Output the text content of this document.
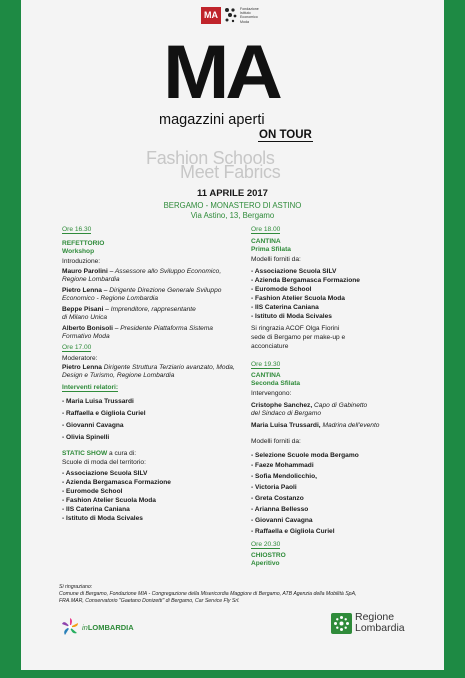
MA
Fondazione
Istituto
Economico
Moda
MA
magazzini aperti
ON TOUR
Fashion Schools
Meet Fabrics
11 APRILE 2017
BERGAMO - MONASTERO DI ASTINO
Via Astino, 13, Bergamo
Ore 16.30
REFETTORIO
Workshop
Introduzione:
Mauro Parolini – Assessore allo Sviluppo Economico,
Regione Lombardia
Pietro Lenna – Dirigente Direzione Generale Sviluppo
Economico - Regione Lombardia
Beppe Pisani – Imprenditore, rappresentante
di Milano Unica
Alberto Bonisoli – Presidente Piattaforma Sistema
Formativo Moda
Ore 17.00
Moderatore:
Pietro Lenna Dirigente Struttura Terziario avanzato, Moda,
Design e Turismo, Regione Lombardia
Interventi relatori:
- Maria Luisa Trussardi
- Raffaella e Gigliola Curiel
- Giovanni Cavagna
- Olivia Spinelli
STATIC SHOW a cura di:
Scuole di moda del territorio:
- Associazione Scuola SILV
- Azienda Bergamasca Formazione
- Euromode School
- Fashion Atelier Scuola Moda
- IIS Caterina Caniana
- Istituto di Moda Scivales
Ore 18.00
CANTINA
Prima Sfilata
Modelli forniti da:
- Associazione Scuola SILV
- Azienda Bergamasca Formazione
- Euromode School
- Fashion Atelier Scuola Moda
- IIS Caterina Caniana
- Istituto di Moda Scivales
Si ringrazia ACOF Olga Fiorini
sede di Bergamo per make-up e
acconciature
Ore 19.30
CANTINA
Seconda Sfilata
Intervengono:
Cristophe Sanchez, Capo di Gabinetto
del Sindaco di Bergamo
Maria Luisa Trussardi, Madrina dell'evento
Modelli forniti da:
- Selezione Scuole moda Bergamo
- Faeze Mohammadi
- Sofia Mendolicchio,
- Victoria Paoli
- Greta Costanzo
- Arianna Bellesso
- Giovanni Cavagna
- Raffaella e Gigliola Curiel
Ore 20.30
CHIOSTRO
Aperitivo
Si ringraziano:
Comune di Bergamo, Fondazione MIA - Congregazione della Misericordia Maggiore di Bergamo, ATB Agenzia della Mobilità SpA,
FRA.MAR, Conservatorio "Gaetano Donizetti" di Bergamo, Car Service Fly Srl.
inLOMBARDIA
Regione
Lombardia
